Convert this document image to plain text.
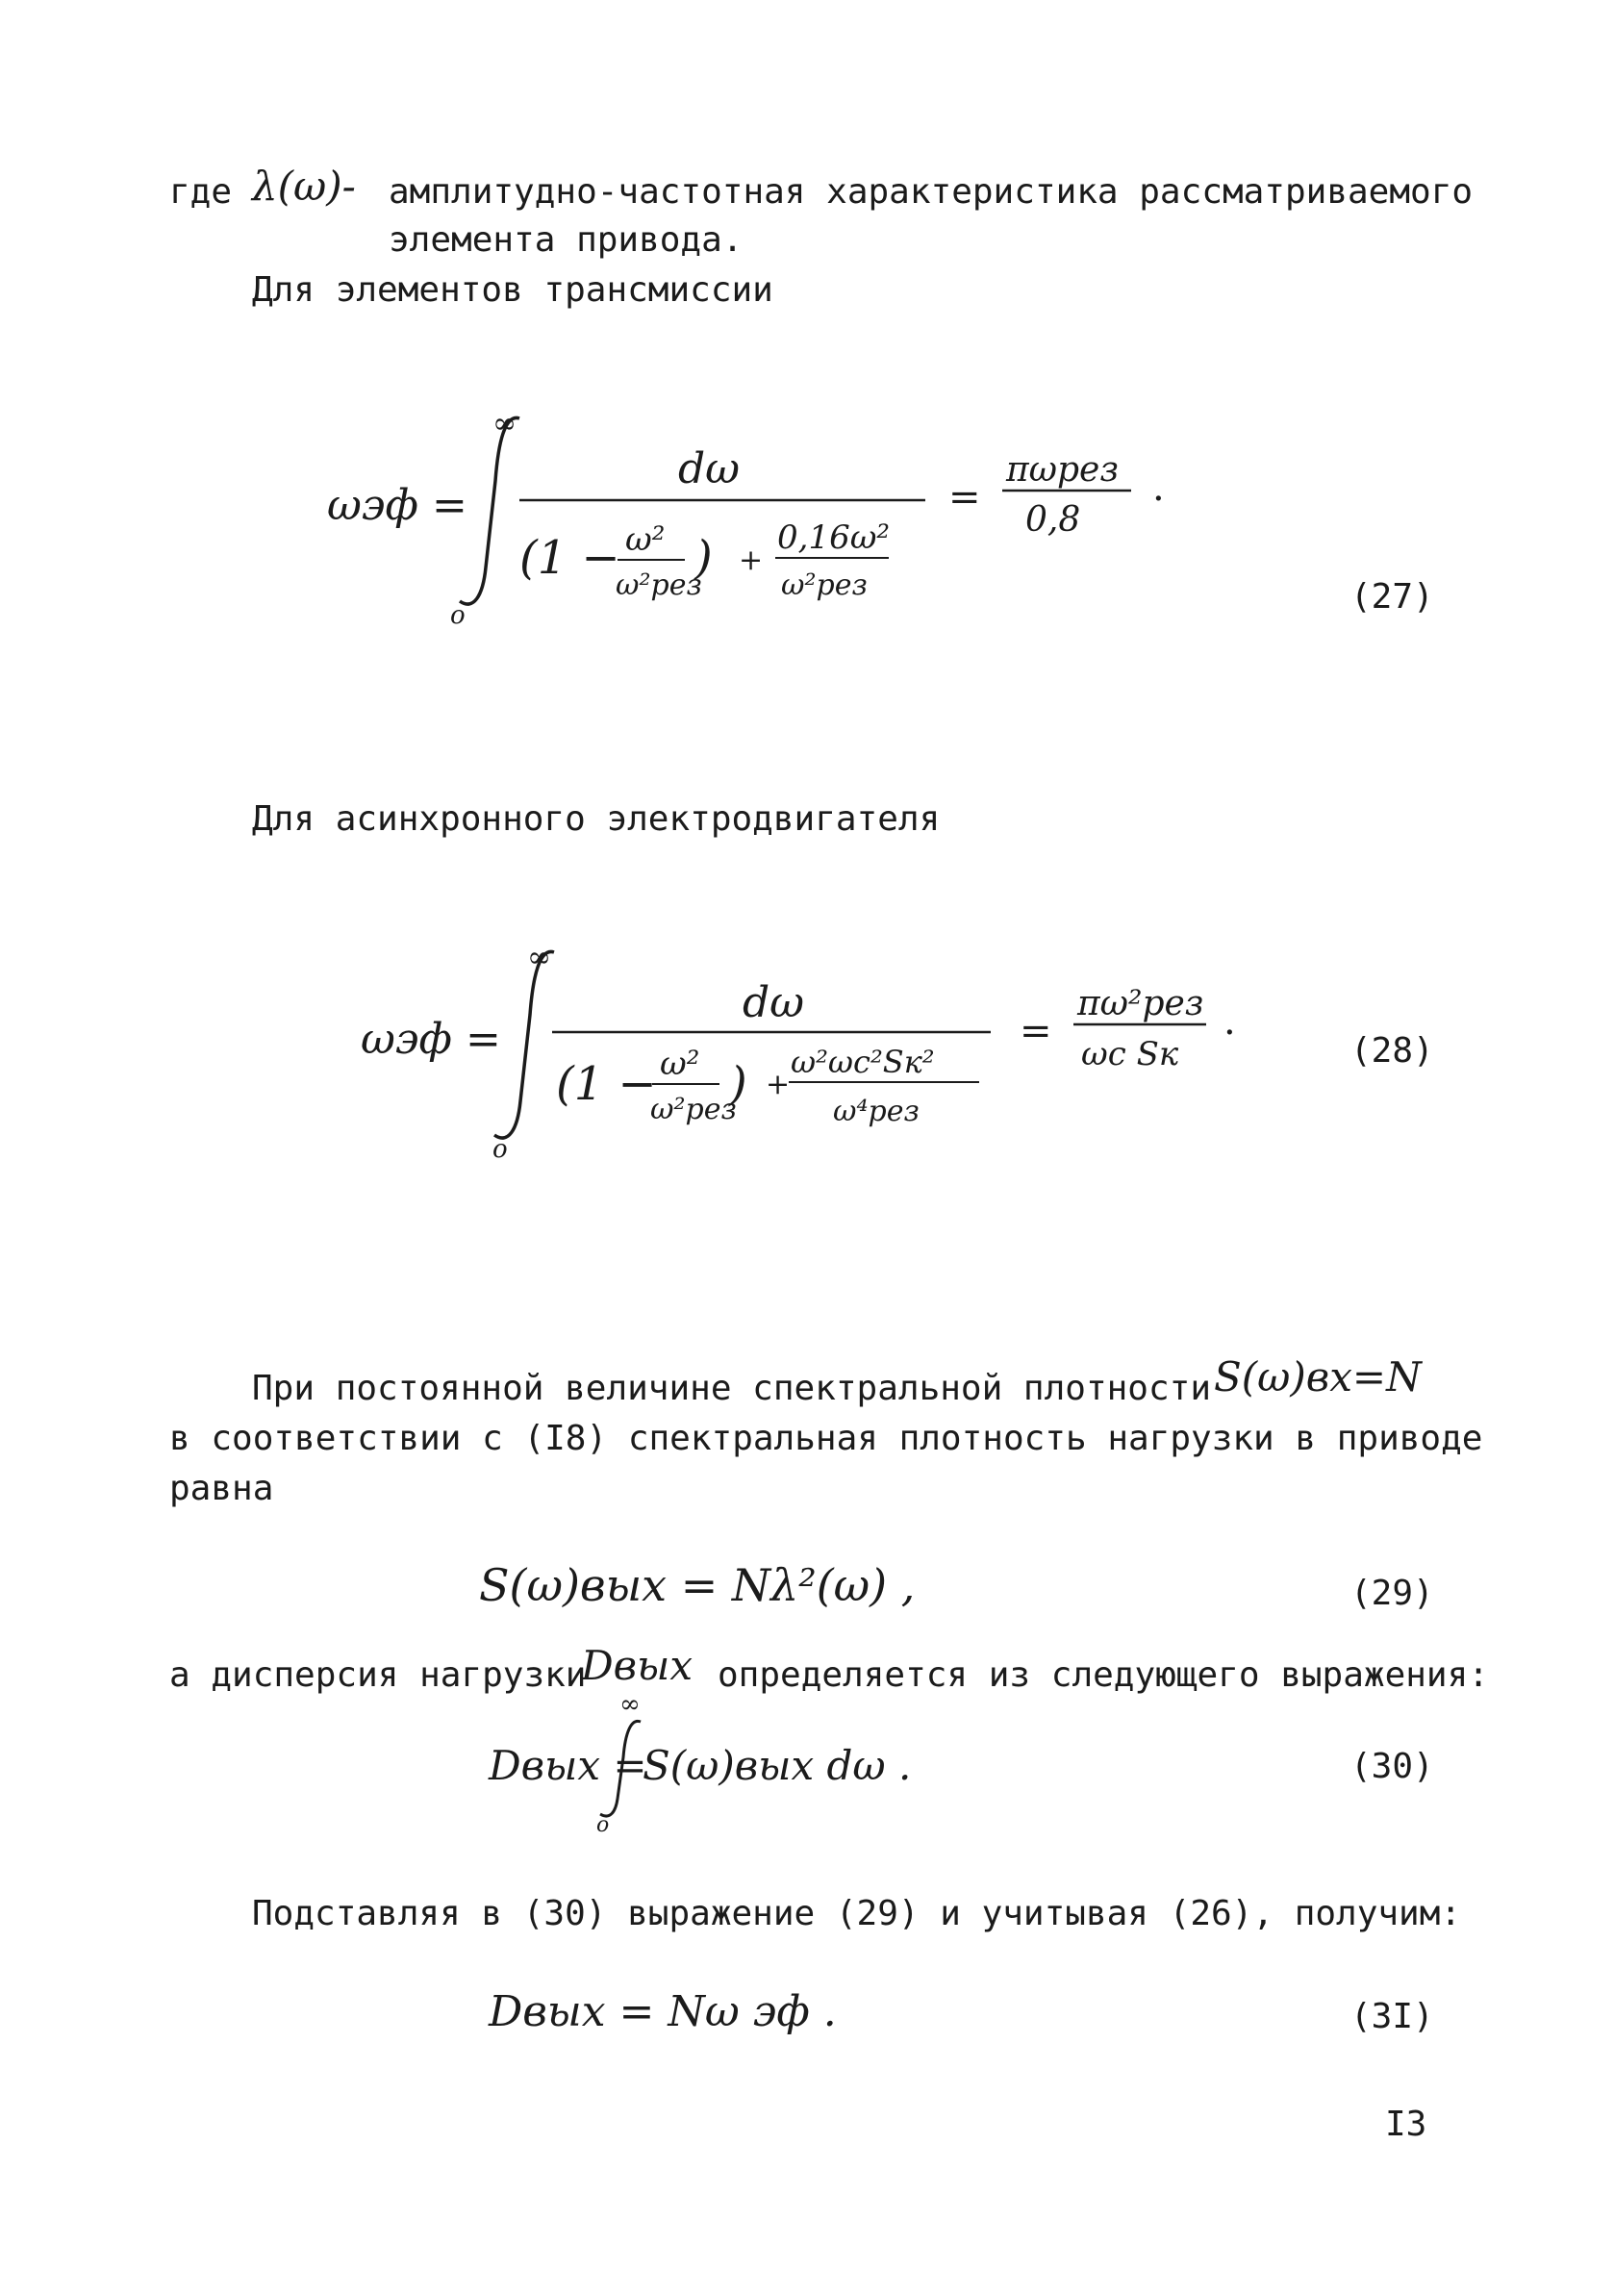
где λ(ω)- амплитудно-частотная характеристика рассматриваемого

элемента привода.

Для элементов трансмиссии

ωэф =
∞
o
dω
(1 − ω²
ω²рез
) +
0,16ω²
ω²рез
=
πωрез
0,8
.

(27)

Для асинхронного электродвигателя

ωэф =
∞
o
dω
(1 − ω²
ω²рез
) +
ω²ωc²Sк²
ω⁴рез
=
πω²рез
ωc Sк
.

(28)

При постоянной величине спектральной плотности S(ω)вх=N

в соответствии с (I8) спектральная плотность нагрузки в приводе

равна

S(ω)вых = Nλ²(ω) ,	(29)

а дисперсия нагрузки

Dвых определяется из следующего выражения:

Dвых =
∞
o
S(ω)вых dω .	(30)

Подставляя в (30) выражение (29) и учитывая (26), получим:

Dвых = Nω эф .	(3I)

I3
